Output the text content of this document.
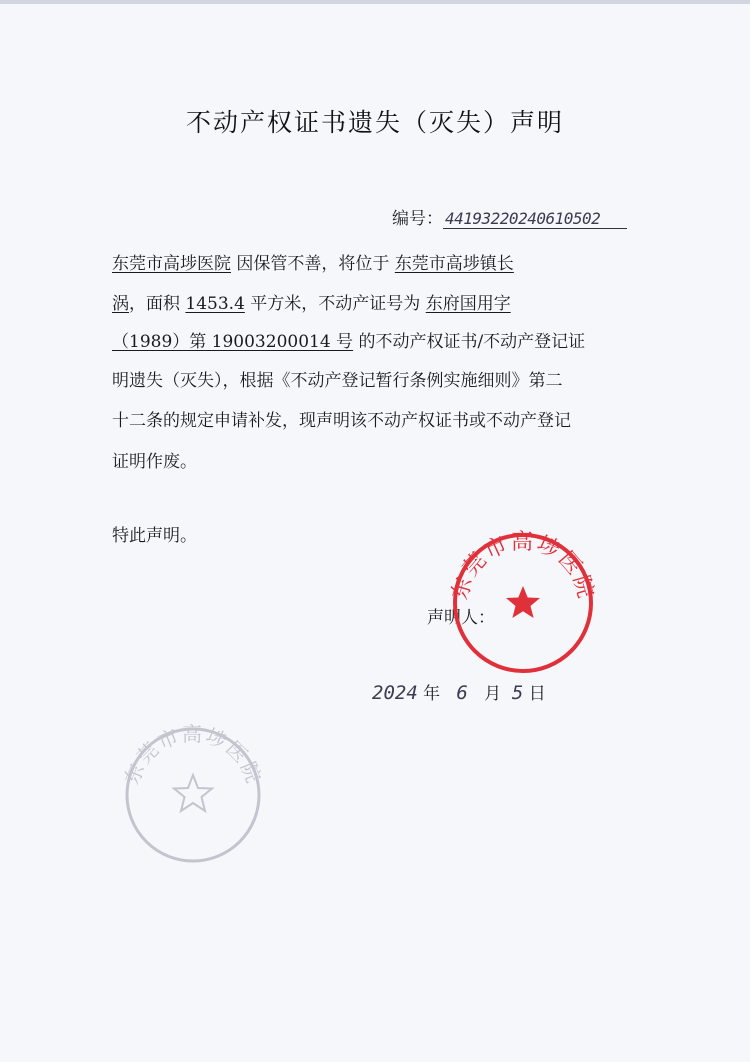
不动产权证书遗失（灭失）声明
编号： 44193220240610502
东莞市高埗医院 因保管不善，将位于 东莞市高埗镇长
涡，面积 1453.4 平方米，不动产证号为 东府国用字
（1989）第 19003200014 号 的不动产权证书/不动产登记证
明遗失（灭失），根据《不动产登记暂行条例实施细则》第二
十二条的规定申请补发，现声明该不动产权证书或不动产登记
证明作废。
特此声明。
声明人：
2024 年 6 月 5 日
东莞市高埗医院
东莞市高埗医院
